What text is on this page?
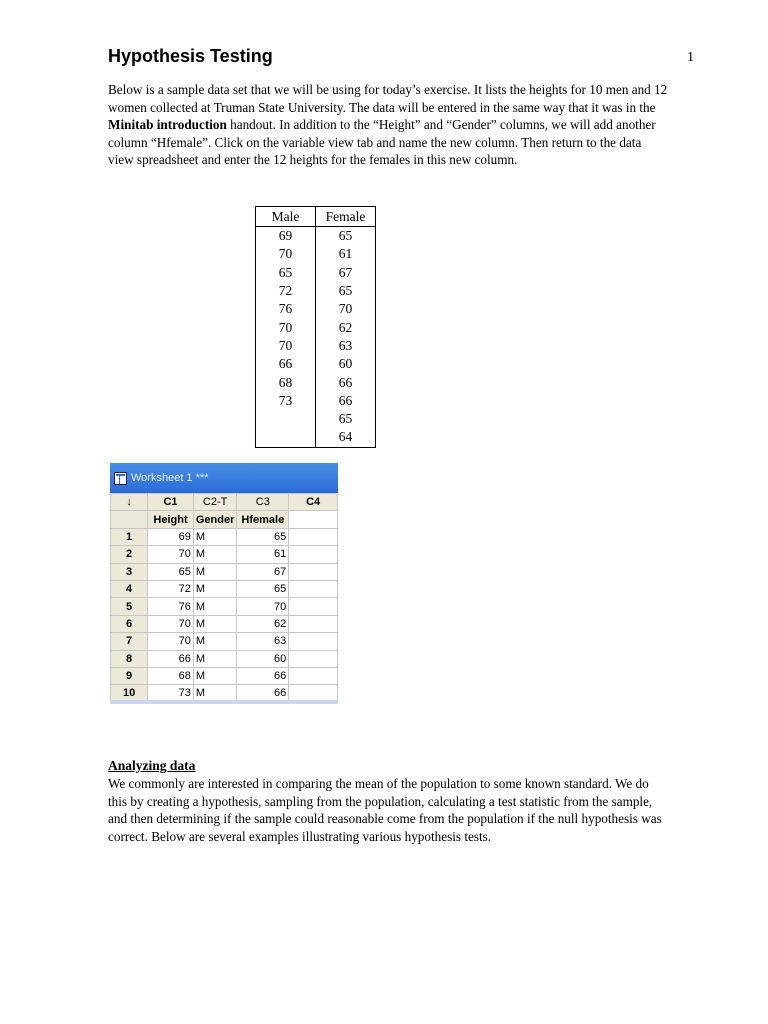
Hypothesis Testing	1

Below is a sample data set that we will be using for today’s exercise. It lists the heights for 10 men and 12 women collected at Truman State University. The data will be entered in the same way that it was in the Minitab introduction handout. In addition to the “Height” and “Gender” columns, we will add another column “Hfemale”. Click on the variable view tab and name the new column. Then return to the data view spreadsheet and enter the 12 heights for the females in this new column.

Male	Female
69	65
70	61
65	67
72	65
76	70
70	62
70	63
66	60
68	66
73	66
	65
	64
Worksheet 1 ***
↓	C1	C2-T	C3	C4
	Height	Gender	Hfemale	
1	69	M	65	
2	70	M	61	
3	65	M	67	
4	72	M	65	
5	76	M	70	
6	70	M	62	
7	70	M	63	
8	66	M	60	
9	68	M	66	
10	73	M	66	
Analyzing data

We commonly are interested in comparing the mean of the population to some known standard. We do this by creating a hypothesis, sampling from the population, calculating a test statistic from the sample, and then determining if the sample could reasonable come from the population if the null hypothesis was correct. Below are several examples illustrating various hypothesis tests.
